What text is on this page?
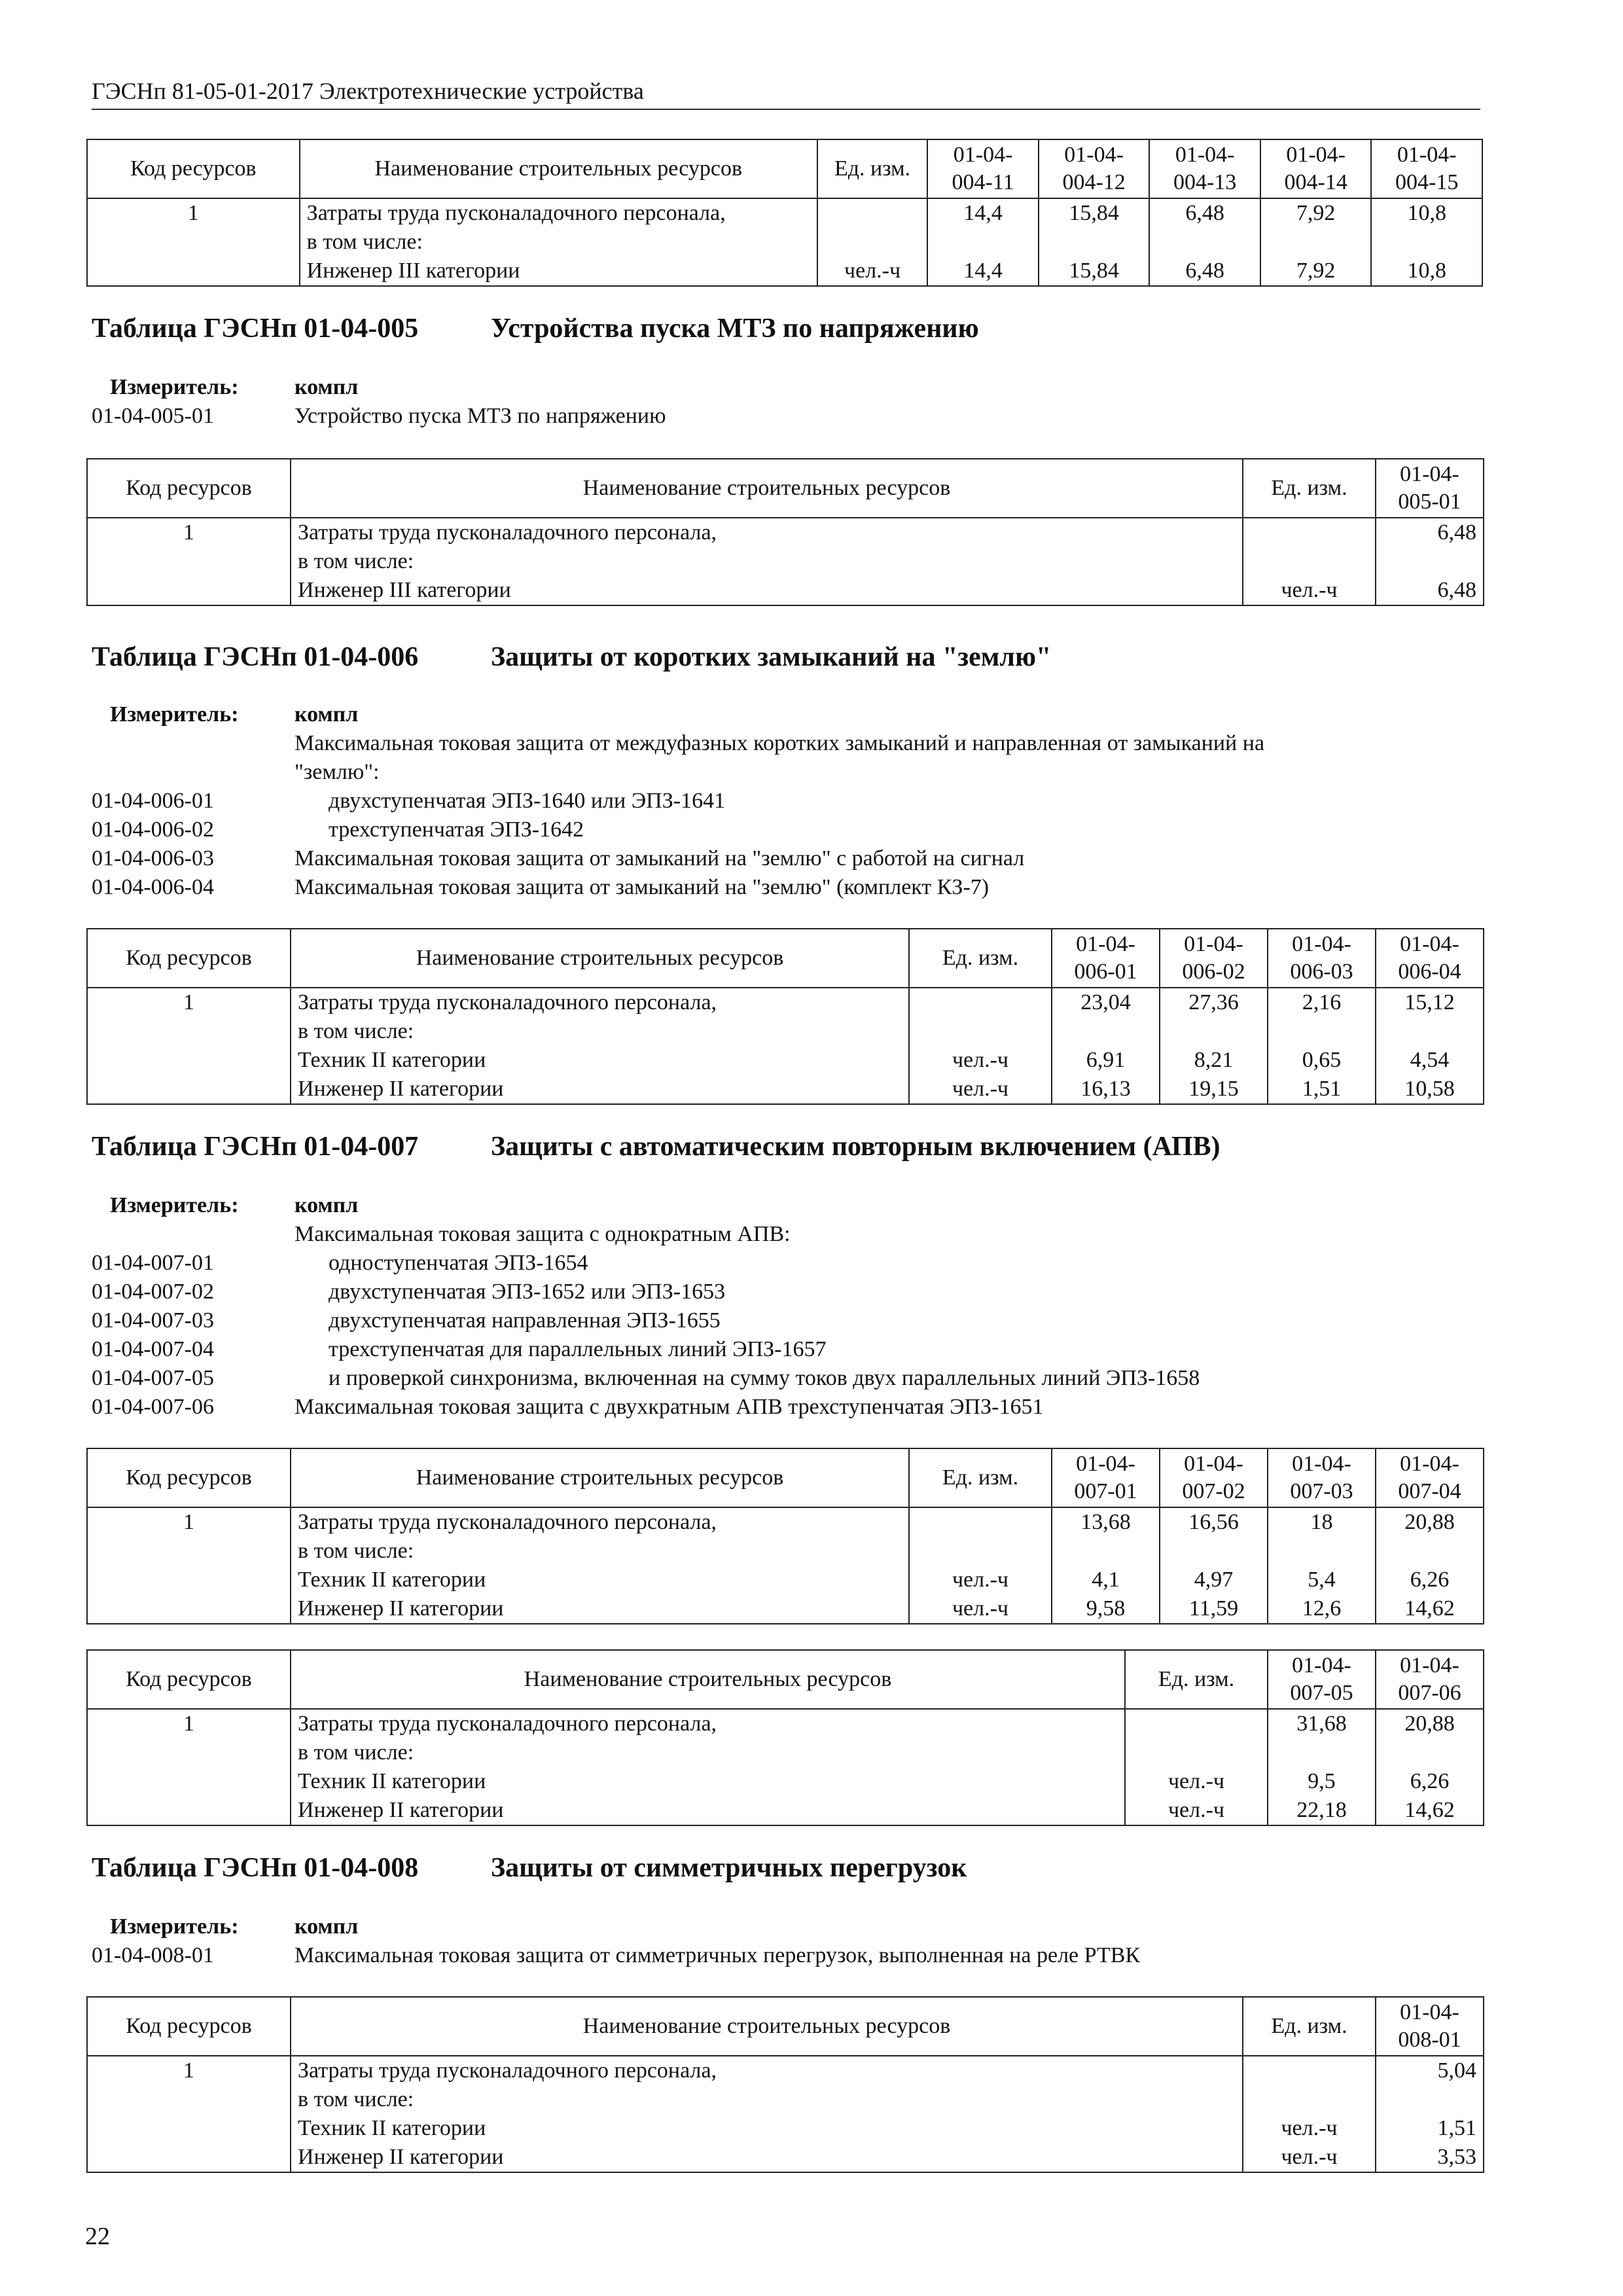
ГЭСНп 81-05-01-2017 Электротехнические устройства
Код ресурсов	Наименование строительных ресурсов	Ед. изм.	01-04-
004-11	01-04-
004-12	01-04-
004-13	01-04-
004-14	01-04-
004-15
1	Затраты труда пусконаладочного персонала,		14,4	15,84	6,48	7,92	10,8
	в том числе:						
	Инженер III категории	чел.-ч	14,4	15,84	6,48	7,92	10,8
Таблица ГЭСНп 01-04-005	Устройства пуска МТЗ по напряжению
Измеритель:	компл
01-04-005-01	Устройство пуска МТЗ по напряжению
Код ресурсов	Наименование строительных ресурсов	Ед. изм.	01-04-
005-01
1	Затраты труда пусконаладочного персонала,		6,48
	в том числе:		
	Инженер III категории	чел.-ч	6,48
Таблица ГЭСНп 01-04-006	Защиты от коротких замыканий на "землю"
Измеритель:	компл
Максимальная токовая защита от междуфазных коротких замыканий и направленная от замыканий на
"землю":
01-04-006-01	двухступенчатая ЭПЗ-1640 или ЭПЗ-1641
01-04-006-02	трехступенчатая ЭПЗ-1642
01-04-006-03	Максимальная токовая защита от замыканий на "землю" с работой на сигнал
01-04-006-04	Максимальная токовая защита от замыканий на "землю" (комплект КЗ-7)
Код ресурсов	Наименование строительных ресурсов	Ед. изм.	01-04-
006-01	01-04-
006-02	01-04-
006-03	01-04-
006-04
1	Затраты труда пусконаладочного персонала,		23,04	27,36	2,16	15,12
	в том числе:					
	Техник II категории	чел.-ч	6,91	8,21	0,65	4,54
	Инженер II категории	чел.-ч	16,13	19,15	1,51	10,58
Таблица ГЭСНп 01-04-007	Защиты с автоматическим повторным включением (АПВ)
Измеритель:	компл
Максимальная токовая защита с однократным АПВ:
01-04-007-01	одноступенчатая ЭПЗ-1654
01-04-007-02	двухступенчатая ЭПЗ-1652 или ЭПЗ-1653
01-04-007-03	двухступенчатая направленная ЭПЗ-1655
01-04-007-04	трехступенчатая для параллельных линий ЭПЗ-1657
01-04-007-05	и проверкой синхронизма, включенная на сумму токов двух параллельных линий ЭПЗ-1658
01-04-007-06	Максимальная токовая защита с двухкратным АПВ трехступенчатая ЭПЗ-1651
Код ресурсов	Наименование строительных ресурсов	Ед. изм.	01-04-
007-01	01-04-
007-02	01-04-
007-03	01-04-
007-04
1	Затраты труда пусконаладочного персонала,		13,68	16,56	18	20,88
	в том числе:					
	Техник II категории	чел.-ч	4,1	4,97	5,4	6,26
	Инженер II категории	чел.-ч	9,58	11,59	12,6	14,62
Код ресурсов	Наименование строительных ресурсов	Ед. изм.	01-04-
007-05	01-04-
007-06
1	Затраты труда пусконаладочного персонала,		31,68	20,88
	в том числе:			
	Техник II категории	чел.-ч	9,5	6,26
	Инженер II категории	чел.-ч	22,18	14,62
Таблица ГЭСНп 01-04-008	Защиты от симметричных перегрузок
Измеритель:	компл
01-04-008-01	Максимальная токовая защита от симметричных перегрузок, выполненная на реле РТВК
Код ресурсов	Наименование строительных ресурсов	Ед. изм.	01-04-
008-01
1	Затраты труда пусконаладочного персонала,		5,04
	в том числе:		
	Техник II категории	чел.-ч	1,51
	Инженер II категории	чел.-ч	3,53
22
